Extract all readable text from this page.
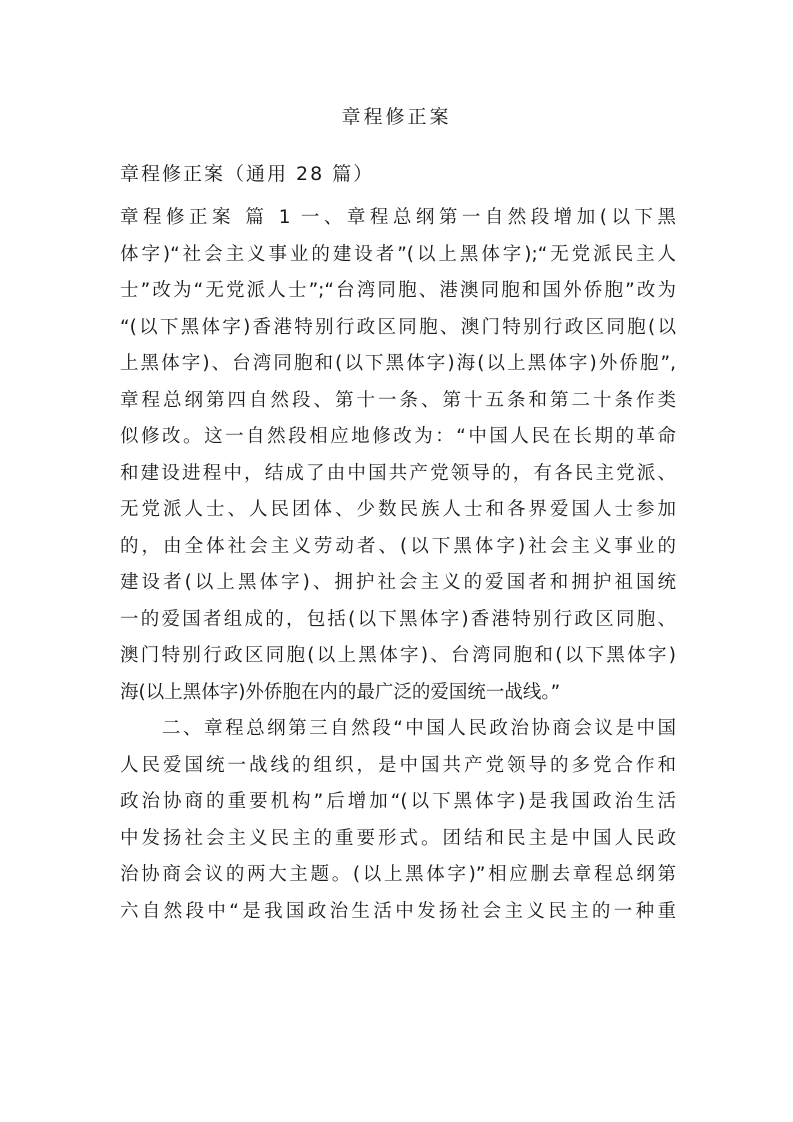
章程修正案
章程修正案（通用 28 篇）
章程修正案 篇 1 一、章程总纲第一自然段增加(以下黑
体字)“社会主义事业的建设者”(以上黑体字);“无党派民主人
士”改为“无党派人士”;“台湾同胞、港澳同胞和国外侨胞”改为
“(以下黑体字)香港特别行政区同胞、澳门特别行政区同胞(以
上黑体字)、台湾同胞和(以下黑体字)海(以上黑体字)外侨胞”,
章程总纲第四自然段、第十一条、第十五条和第二十条作类
似修改。这一自然段相应地修改为：“中国人民在长期的革命
和建设进程中，结成了由中国共产党领导的，有各民主党派、
无党派人士、人民团体、少数民族人士和各界爱国人士参加
的，由全体社会主义劳动者、(以下黑体字)社会主义事业的
建设者(以上黑体字)、拥护社会主义的爱国者和拥护祖国统
一的爱国者组成的，包括(以下黑体字)香港特别行政区同胞、
澳门特别行政区同胞(以上黑体字)、台湾同胞和(以下黑体字)
海(以上黑体字)外侨胞在内的最广泛的爱国统一战线。”
　　二、章程总纲第三自然段“中国人民政治协商会议是中国
人民爱国统一战线的组织，是中国共产党领导的多党合作和
政治协商的重要机构”后增加“(以下黑体字)是我国政治生活
中发扬社会主义民主的重要形式。团结和民主是中国人民政
治协商会议的两大主题。(以上黑体字)”相应删去章程总纲第
六自然段中“是我国政治生活中发扬社会主义民主的一种重
